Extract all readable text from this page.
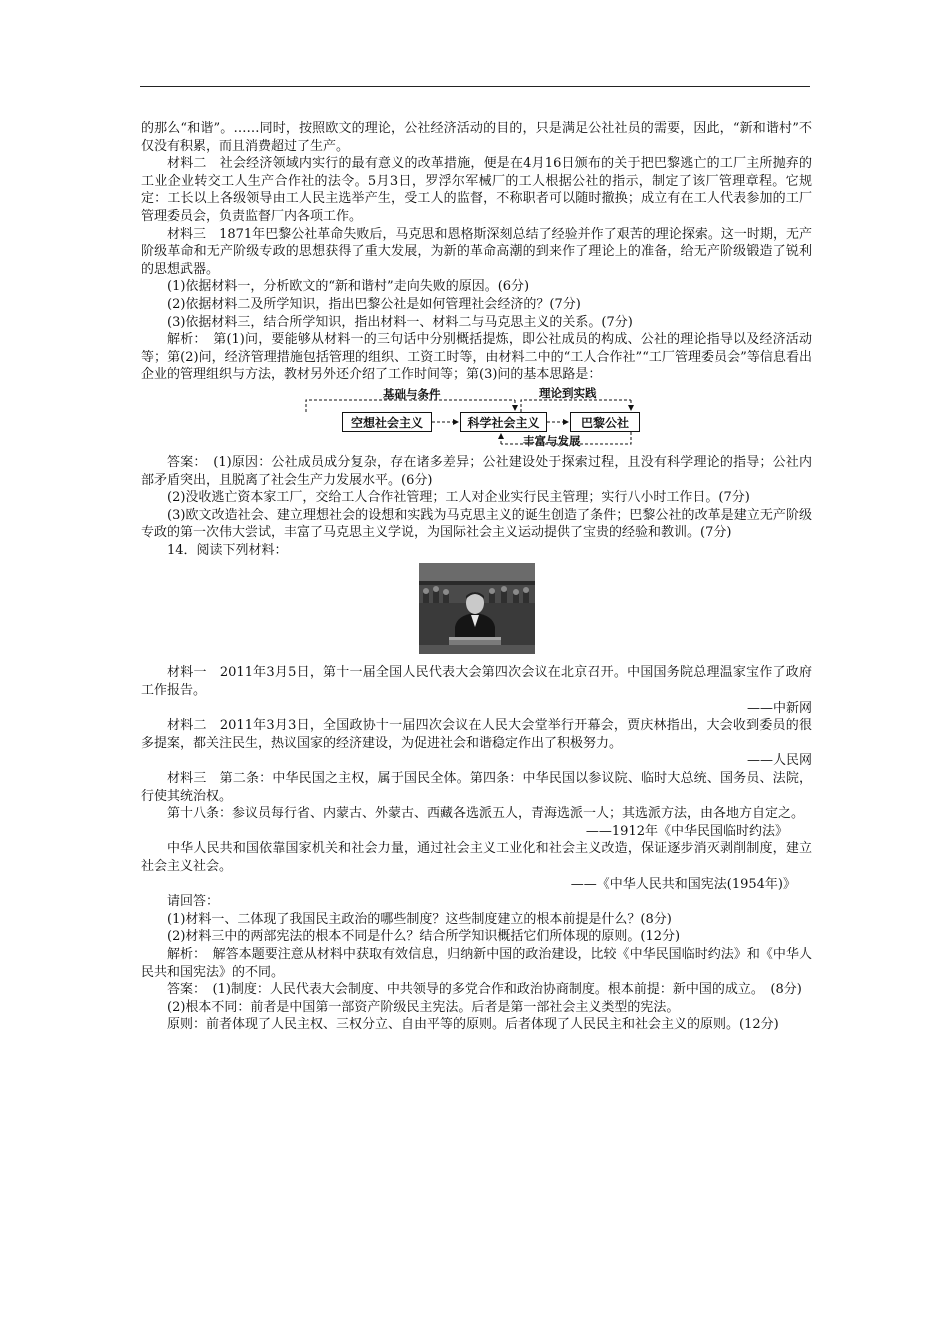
的那么“和谐”。……同时，按照欧文的理论，公社经济活动的目的，只是满足公社社员的需要，因此，“新和谐村”不仅没有积累，而且消费超过了生产。

材料二　社会经济领域内实行的最有意义的改革措施，便是在4月16日颁布的关于把巴黎逃亡的工厂主所抛弃的工业企业转交工人生产合作社的法令。5月3日，罗浮尔军械厂的工人根据公社的指示，制定了该厂管理章程。它规定：工长以上各级领导由工人民主选举产生，受工人的监督，不称职者可以随时撤换；成立有在工人代表参加的工厂管理委员会，负责监督厂内各项工作。

材料三　1871年巴黎公社革命失败后，马克思和恩格斯深刻总结了经验并作了艰苦的理论探索。这一时期，无产阶级革命和无产阶级专政的思想获得了重大发展，为新的革命高潮的到来作了理论上的准备，给无产阶级锻造了锐利的思想武器。

(1)依据材料一，分析欧文的“新和谐村”走向失败的原因。(6分)

(2)依据材料二及所学知识，指出巴黎公社是如何管理社会经济的？(7分)

(3)依据材料三，结合所学知识，指出材料一、材料二与马克思主义的关系。(7分)

解析：　第(1)问，要能够从材料一的三句话中分别概括提炼，即公社成员的构成、公社的理论指导以及经济活动等；第(2)问，经济管理措施包括管理的组织、工资工时等，由材料二中的“工人合作社”“工厂管理委员会”等信息看出企业的管理组织与方法，教材另外还介绍了工作时间等；第(3)问的基本思路是：

基础与条件	理论到实践
丰富与发展
空想社会主义	科学社会主义	巴黎公社

答案：　(1)原因：公社成员成分复杂，存在诸多差异；公社建设处于探索过程，且没有科学理论的指导；公社内部矛盾突出，且脱离了社会生产力发展水平。(6分)

(2)没收逃亡资本家工厂，交给工人合作社管理；工人对企业实行民主管理；实行八小时工作日。(7分)

(3)欧文改造社会、建立理想社会的设想和实践为马克思主义的诞生创造了条件；巴黎公社的改革是建立无产阶级专政的第一次伟大尝试，丰富了马克思主义学说，为国际社会主义运动提供了宝贵的经验和教训。(7分)

14．阅读下列材料：

材料一　2011年3月5日，第十一届全国人民代表大会第四次会议在北京召开。中国国务院总理温家宝作了政府工作报告。

——中新网

材料二　2011年3月3日，全国政协十一届四次会议在人民大会堂举行开幕会，贾庆林指出，大会收到委员的很多提案，都关注民生，热议国家的经济建设，为促进社会和谐稳定作出了积极努力。

——人民网

材料三　第二条：中华民国之主权，属于国民全体。第四条：中华民国以参议院、临时大总统、国务员、法院，行使其统治权。

第十八条：参议员每行省、内蒙古、外蒙古、西藏各选派五人，青海选派一人；其选派方法，由各地方自定之。

——1912年《中华民国临时约法》

中华人民共和国依靠国家机关和社会力量，通过社会主义工业化和社会主义改造，保证逐步消灭剥削制度，建立社会主义社会。

——《中华人民共和国宪法(1954年)》

请回答：

(1)材料一、二体现了我国民主政治的哪些制度？这些制度建立的根本前提是什么？(8分)

(2)材料三中的两部宪法的根本不同是什么？结合所学知识概括它们所体现的原则。(12分)

解析：　解答本题要注意从材料中获取有效信息，归纳新中国的政治建设，比较《中华民国临时约法》和《中华人民共和国宪法》的不同。

答案：　(1)制度：人民代表大会制度、中共领导的多党合作和政治协商制度。根本前提：新中国的成立。　(8分)

(2)根本不同：前者是中国第一部资产阶级民主宪法。后者是第一部社会主义类型的宪法。

原则：前者体现了人民主权、三权分立、自由平等的原则。后者体现了人民民主和社会主义的原则。(12分)
